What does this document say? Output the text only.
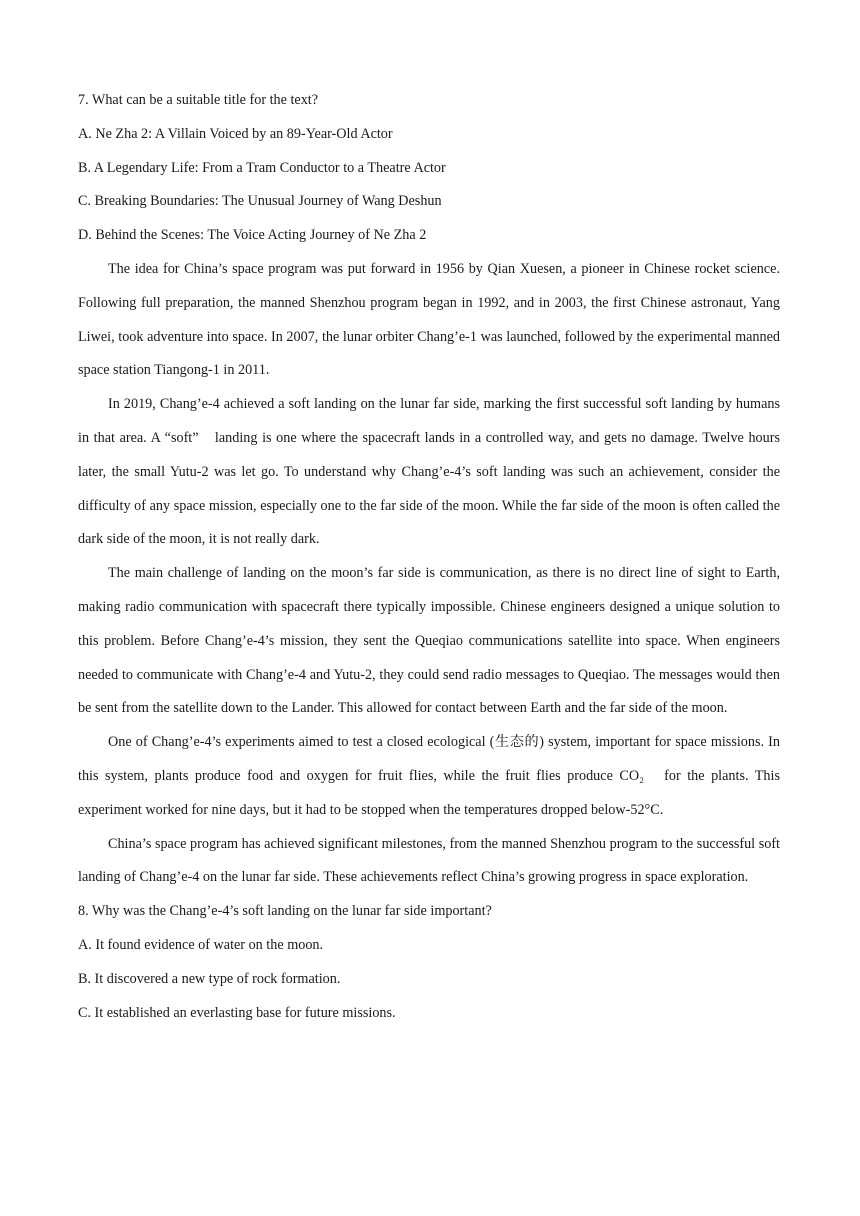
7. What can be a suitable title for the text?

A. Ne Zha 2: A Villain Voiced by an 89-Year-Old Actor

B. A Legendary Life: From a Tram Conductor to a Theatre Actor

C. Breaking Boundaries: The Unusual Journey of Wang Deshun

D. Behind the Scenes: The Voice Acting Journey of Ne Zha 2

The idea for China’s space program was put forward in 1956 by Qian Xuesen, a pioneer in Chinese rocket science. Following full preparation, the manned Shenzhou program began in 1992, and in 2003, the first Chinese astronaut, Yang Liwei, took adventure into space. In 2007, the lunar orbiter Chang’e-1 was launched, followed by the experimental manned space station Tiangong-1 in 2011.

In 2019, Chang’e-4 achieved a soft landing on the lunar far side, marking the first successful soft landing by humans in that area. A “soft”　landing is one where the spacecraft lands in a controlled way, and gets no damage. Twelve hours later, the small Yutu-2 was let go. To understand why Chang’e-4’s soft landing was such an achievement, consider the difficulty of any space mission, especially one to the far side of the moon. While the far side of the moon is often called the dark side of the moon, it is not really dark.

The main challenge of landing on the moon’s far side is communication, as there is no direct line of sight to Earth, making radio communication with spacecraft there typically impossible. Chinese engineers designed a unique solution to this problem. Before Chang’e-4’s mission, they sent the Queqiao communications satellite into space. When engineers needed to communicate with Chang’e-4 and Yutu-2, they could send radio messages to Queqiao. The messages would then be sent from the satellite down to the Lander. This allowed for contact between Earth and the far side of the moon.

One of Chang’e-4’s experiments aimed to test a closed ecological (生态的) system, important for space missions. In this system, plants produce food and oxygen for fruit flies, while the fruit flies produce CO₂　for the plants. This experiment worked for nine days, but it had to be stopped when the temperatures dropped below-52°C.

China’s space program has achieved significant milestones, from the manned Shenzhou program to the successful soft landing of Chang’e-4 on the lunar far side. These achievements reflect China’s growing progress in space exploration.

8. Why was the Chang’e-4’s soft landing on the lunar far side important?

A. It found evidence of water on the moon.

B. It discovered a new type of rock formation.

C. It established an everlasting base for future missions.
